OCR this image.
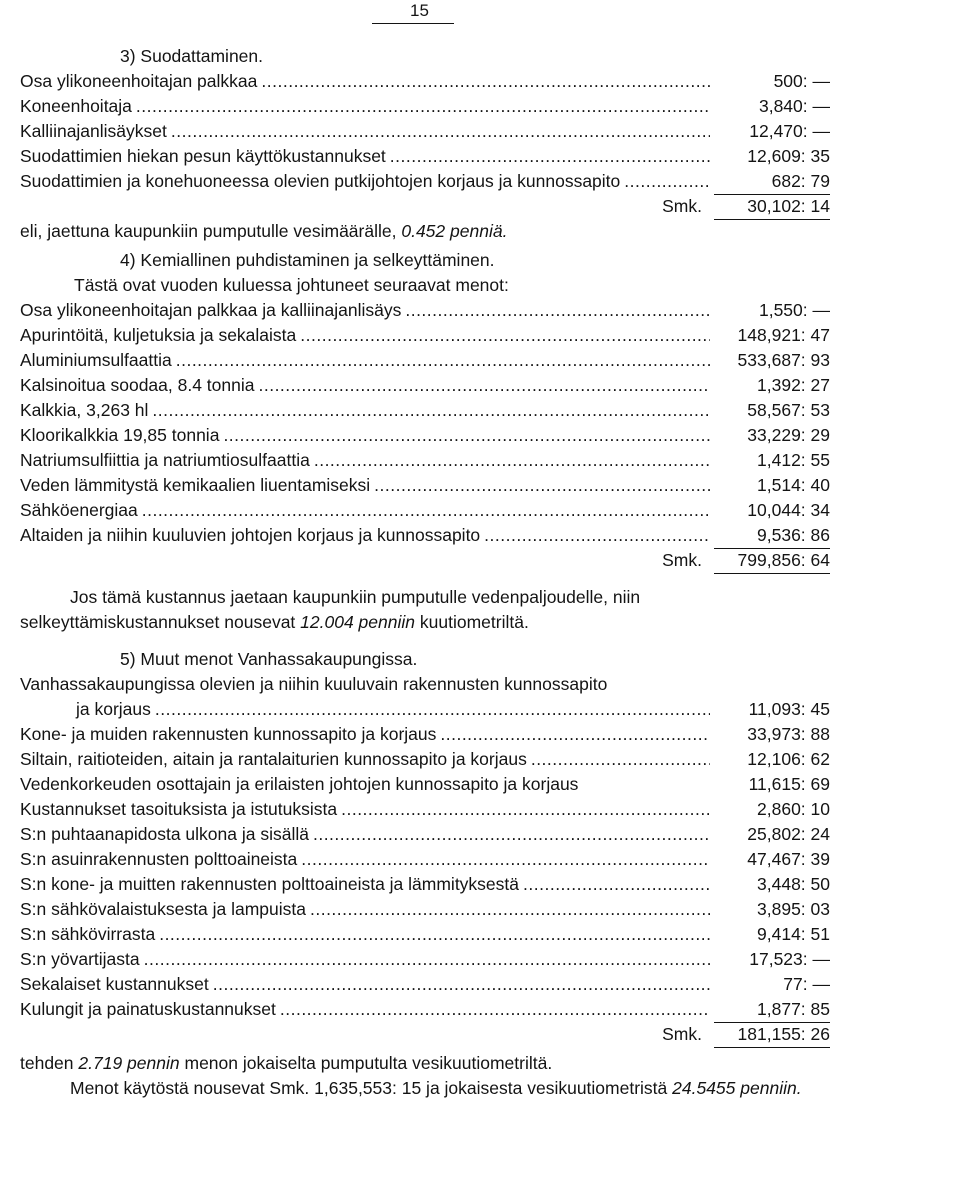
15
3) Suodattaminen.
Osa ylikoneenhoitajan palkkaa .....	500: —
Koneenhoitaja .....	3,840: —
Kalliinajanlisäykset .....	12,470: —
Suodattimien hiekan pesun käyttökustannukset .....	12,609: 35
Suodattimien ja konehuoneessa olevien putkijohtojen korjaus ja kunnossapito .....	682: 79
Smk.	30,102: 14
eli, jaettuna kaupunkiin pumputulle vesimäärälle, 0.452 penniä.
4) Kemiallinen puhdistaminen ja selkeyttäminen.
Tästä ovat vuoden kuluessa johtuneet seuraavat menot:
Osa ylikoneenhoitajan palkkaa ja kalliinajanlisäys .....	1,550: —
Apurintöitä, kuljetuksia ja sekalaista .....	148,921: 47
Aluminiumsulfaattia .....	533,687: 93
Kalsinoitua soodaa, 8.4 tonnia .....	1,392: 27
Kalkkia, 3,263 hl .....	58,567: 53
Kloorikalkkia 19,85 tonnia .....	33,229: 29
Natriumsulfiittia ja natriumtiosulfaattia .....	1,412: 55
Veden lämmitystä kemikaalien liuentamiseksi .....	1,514: 40
Sähköenergiaa .....	10,044: 34
Altaiden ja niihin kuuluvien johtojen korjaus ja kunnossapito .....	9,536: 86
Smk.	799,856: 64
Jos tämä kustannus jaetaan kaupunkiin pumputulle vedenpaljoudelle, niin selkeyttämiskustannukset nousevat 12.004 penniin kuutiometriltä.
5) Muut menot Vanhassakaupungissa.
Vanhassakaupungissa olevien ja niihin kuuluvain rakennusten kunnossapito
ja korjaus .....	11,093: 45
Kone- ja muiden rakennusten kunnossapito ja korjaus .....	33,973: 88
Siltain, raitioteiden, aitain ja rantalaiturien kunnossapito ja korjaus .....	12,106: 62
Vedenkorkeuden osottajain ja erilaisten johtojen kunnossapito ja korjaus	11,615: 69
Kustannukset tasoituksista ja istutuksista .....	2,860: 10
S:n puhtaanapidosta ulkona ja sisällä .....	25,802: 24
S:n asuinrakennusten polttoaineista .....	47,467: 39
S:n kone- ja muitten rakennusten polttoaineista ja lämmityksestä .....	3,448: 50
S:n sähkövalaistuksesta ja lampuista .....	3,895: 03
S:n sähkövirrasta .....	9,414: 51
S:n yövartijasta .....	17,523: —
Sekalaiset kustannukset .....	77: —
Kulungit ja painatuskustannukset .....	1,877: 85
Smk.	181,155: 26
tehden 2.719 pennin menon jokaiselta pumputulta vesikuutiometriltä.
Menot käytöstä nousevat Smk. 1,635,553: 15 ja jokaisesta vesikuutiometristä 24.5455 penniin.
